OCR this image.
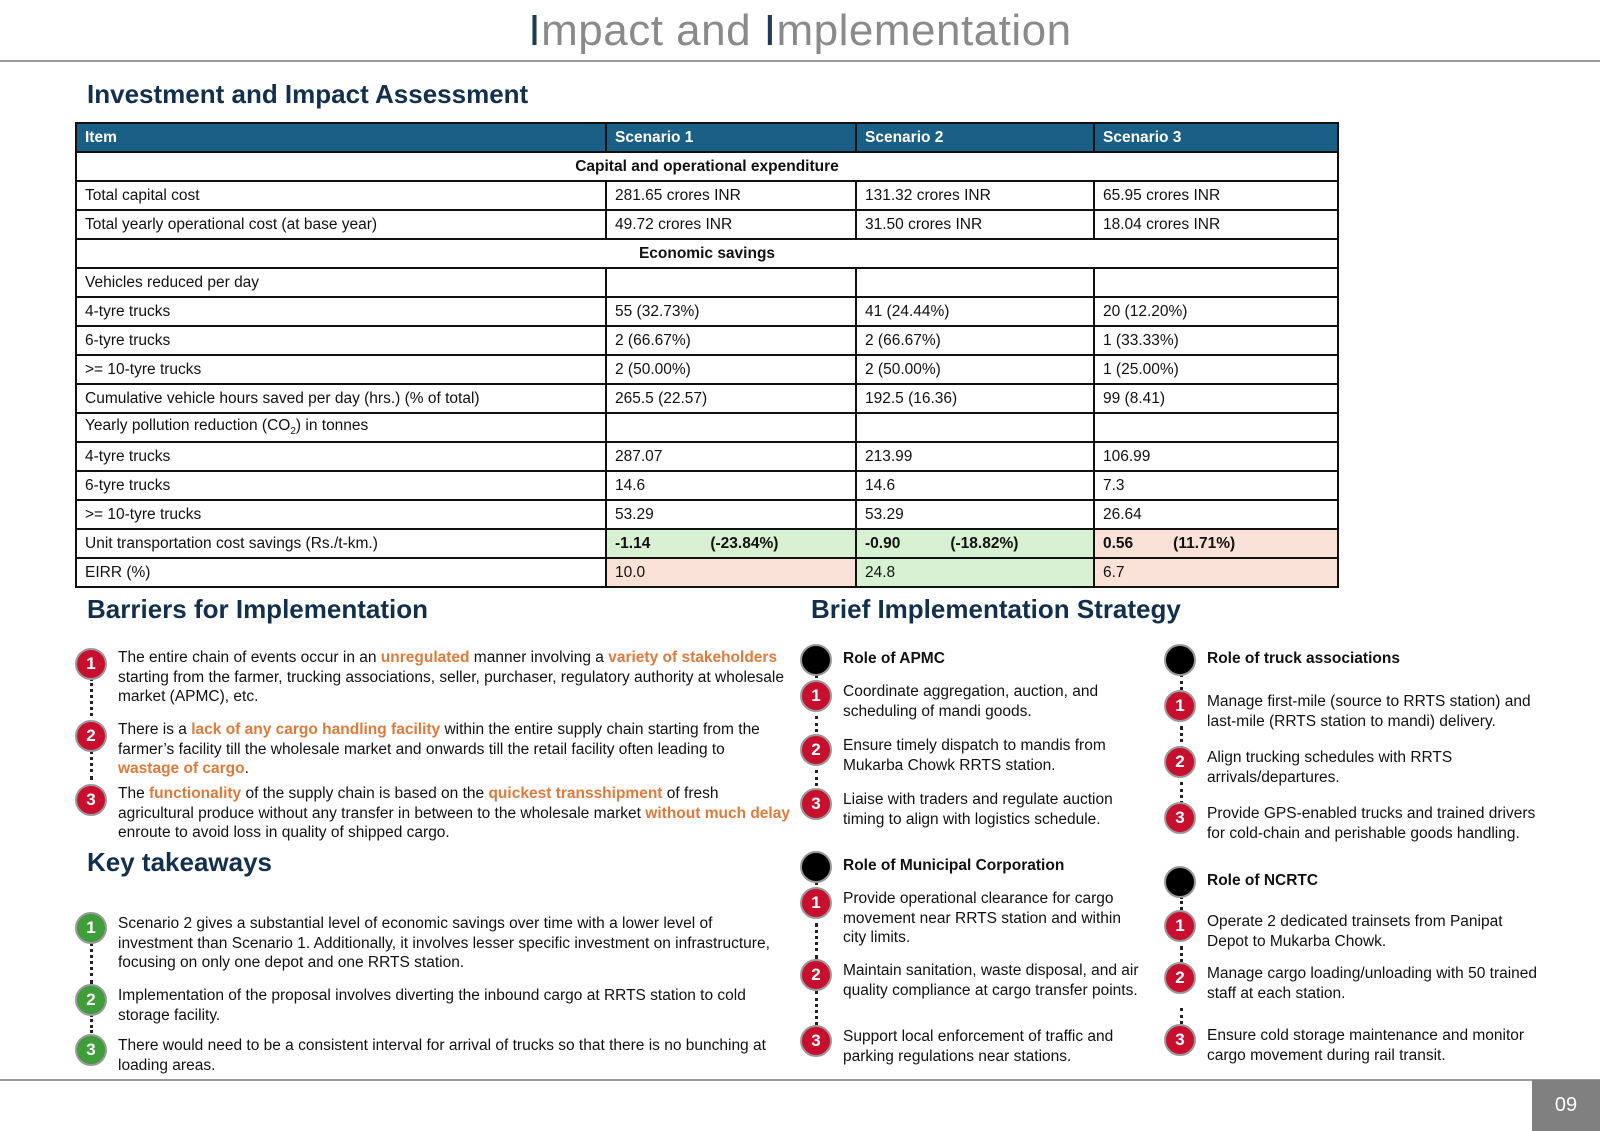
Impact and Implementation
Investment and Impact Assessment
Item	Scenario 1	Scenario 2	Scenario 3
Capital and operational expenditure			
Total capital cost	281.65 crores INR	131.32 crores INR	65.95 crores INR
Total yearly operational cost (at base year)	49.72 crores INR	31.50 crores INR	18.04 crores INR
Economic savings			
Vehicles reduced per day			
4-tyre trucks	55 (32.73%)	41 (24.44%)	20 (12.20%)
6-tyre trucks	2 (66.67%)	2 (66.67%)	1 (33.33%)
>= 10-tyre trucks	2 (50.00%)	2 (50.00%)	1 (25.00%)
Cumulative vehicle hours saved per day (hrs.) (% of total)	265.5 (22.57)	192.5 (16.36)	99 (8.41)
Yearly pollution reduction $(CO_2)$ in tonnes			
4-tyre trucks	287.07	213.99	106.99
6-tyre trucks	14.6	14.6	7.3
>= 10-tyre trucks	53.29	53.29	26.64
Unit transportation cost savings (Rs./t-km.)	-1.14 (-23.84%)	-0.90 (-18.82%)	0.56 (11.71%)
EIRR (%)	10.0	24.8	6.7
Barriers for Implementation
1	The entire chain of events occur in an unregulated manner involving a variety of stakeholders starting from the farmer, trucking associations, seller, purchaser, regulatory authority at wholesale market (APMC), etc.
2	There is a lack of any cargo handling facility within the entire supply chain starting from the farmer’s facility till the wholesale market and onwards till the retail facility often leading to wastage of cargo.
3	The functionality of the supply chain is based on the quickest transshipment of fresh agricultural produce without any transfer in between to the wholesale market without much delay enroute to avoid loss in quality of shipped cargo.
Key takeaways
1	Scenario 2 gives a substantial level of economic savings over time with a lower level of investment than Scenario 1. Additionally, it involves lesser specific investment on infrastructure, focusing on only one depot and one RRTS station.
2	Implementation of the proposal involves diverting the inbound cargo at RRTS station to cold storage facility.
3	There would need to be a consistent interval for arrival of trucks so that there is no bunching at loading areas.
Brief Implementation Strategy
Role of APMC
1	Coordinate aggregation, auction, and scheduling of mandi goods.
2	Ensure timely dispatch to mandis from Mukarba Chowk RRTS station.
3	Liaise with traders and regulate auction timing to align with logistics schedule.
Role of Municipal Corporation
1	Provide operational clearance for cargo movement near RRTS station and within city limits.
2	Maintain sanitation, waste disposal, and air quality compliance at cargo transfer points.
3	Support local enforcement of traffic and parking regulations near stations.
Role of truck associations
1	Manage first-mile (source to RRTS station) and last-mile (RRTS station to mandi) delivery.
2	Align trucking schedules with RRTS arrivals/departures.
3	Provide GPS-enabled trucks and trained drivers for cold-chain and perishable goods handling.
Role of NCRTC
1	Operate 2 dedicated trainsets from Panipat Depot to Mukarba Chowk.
2	Manage cargo loading/unloading with 50 trained staff at each station.
3	Ensure cold storage maintenance and monitor cargo movement during rail transit.
09
